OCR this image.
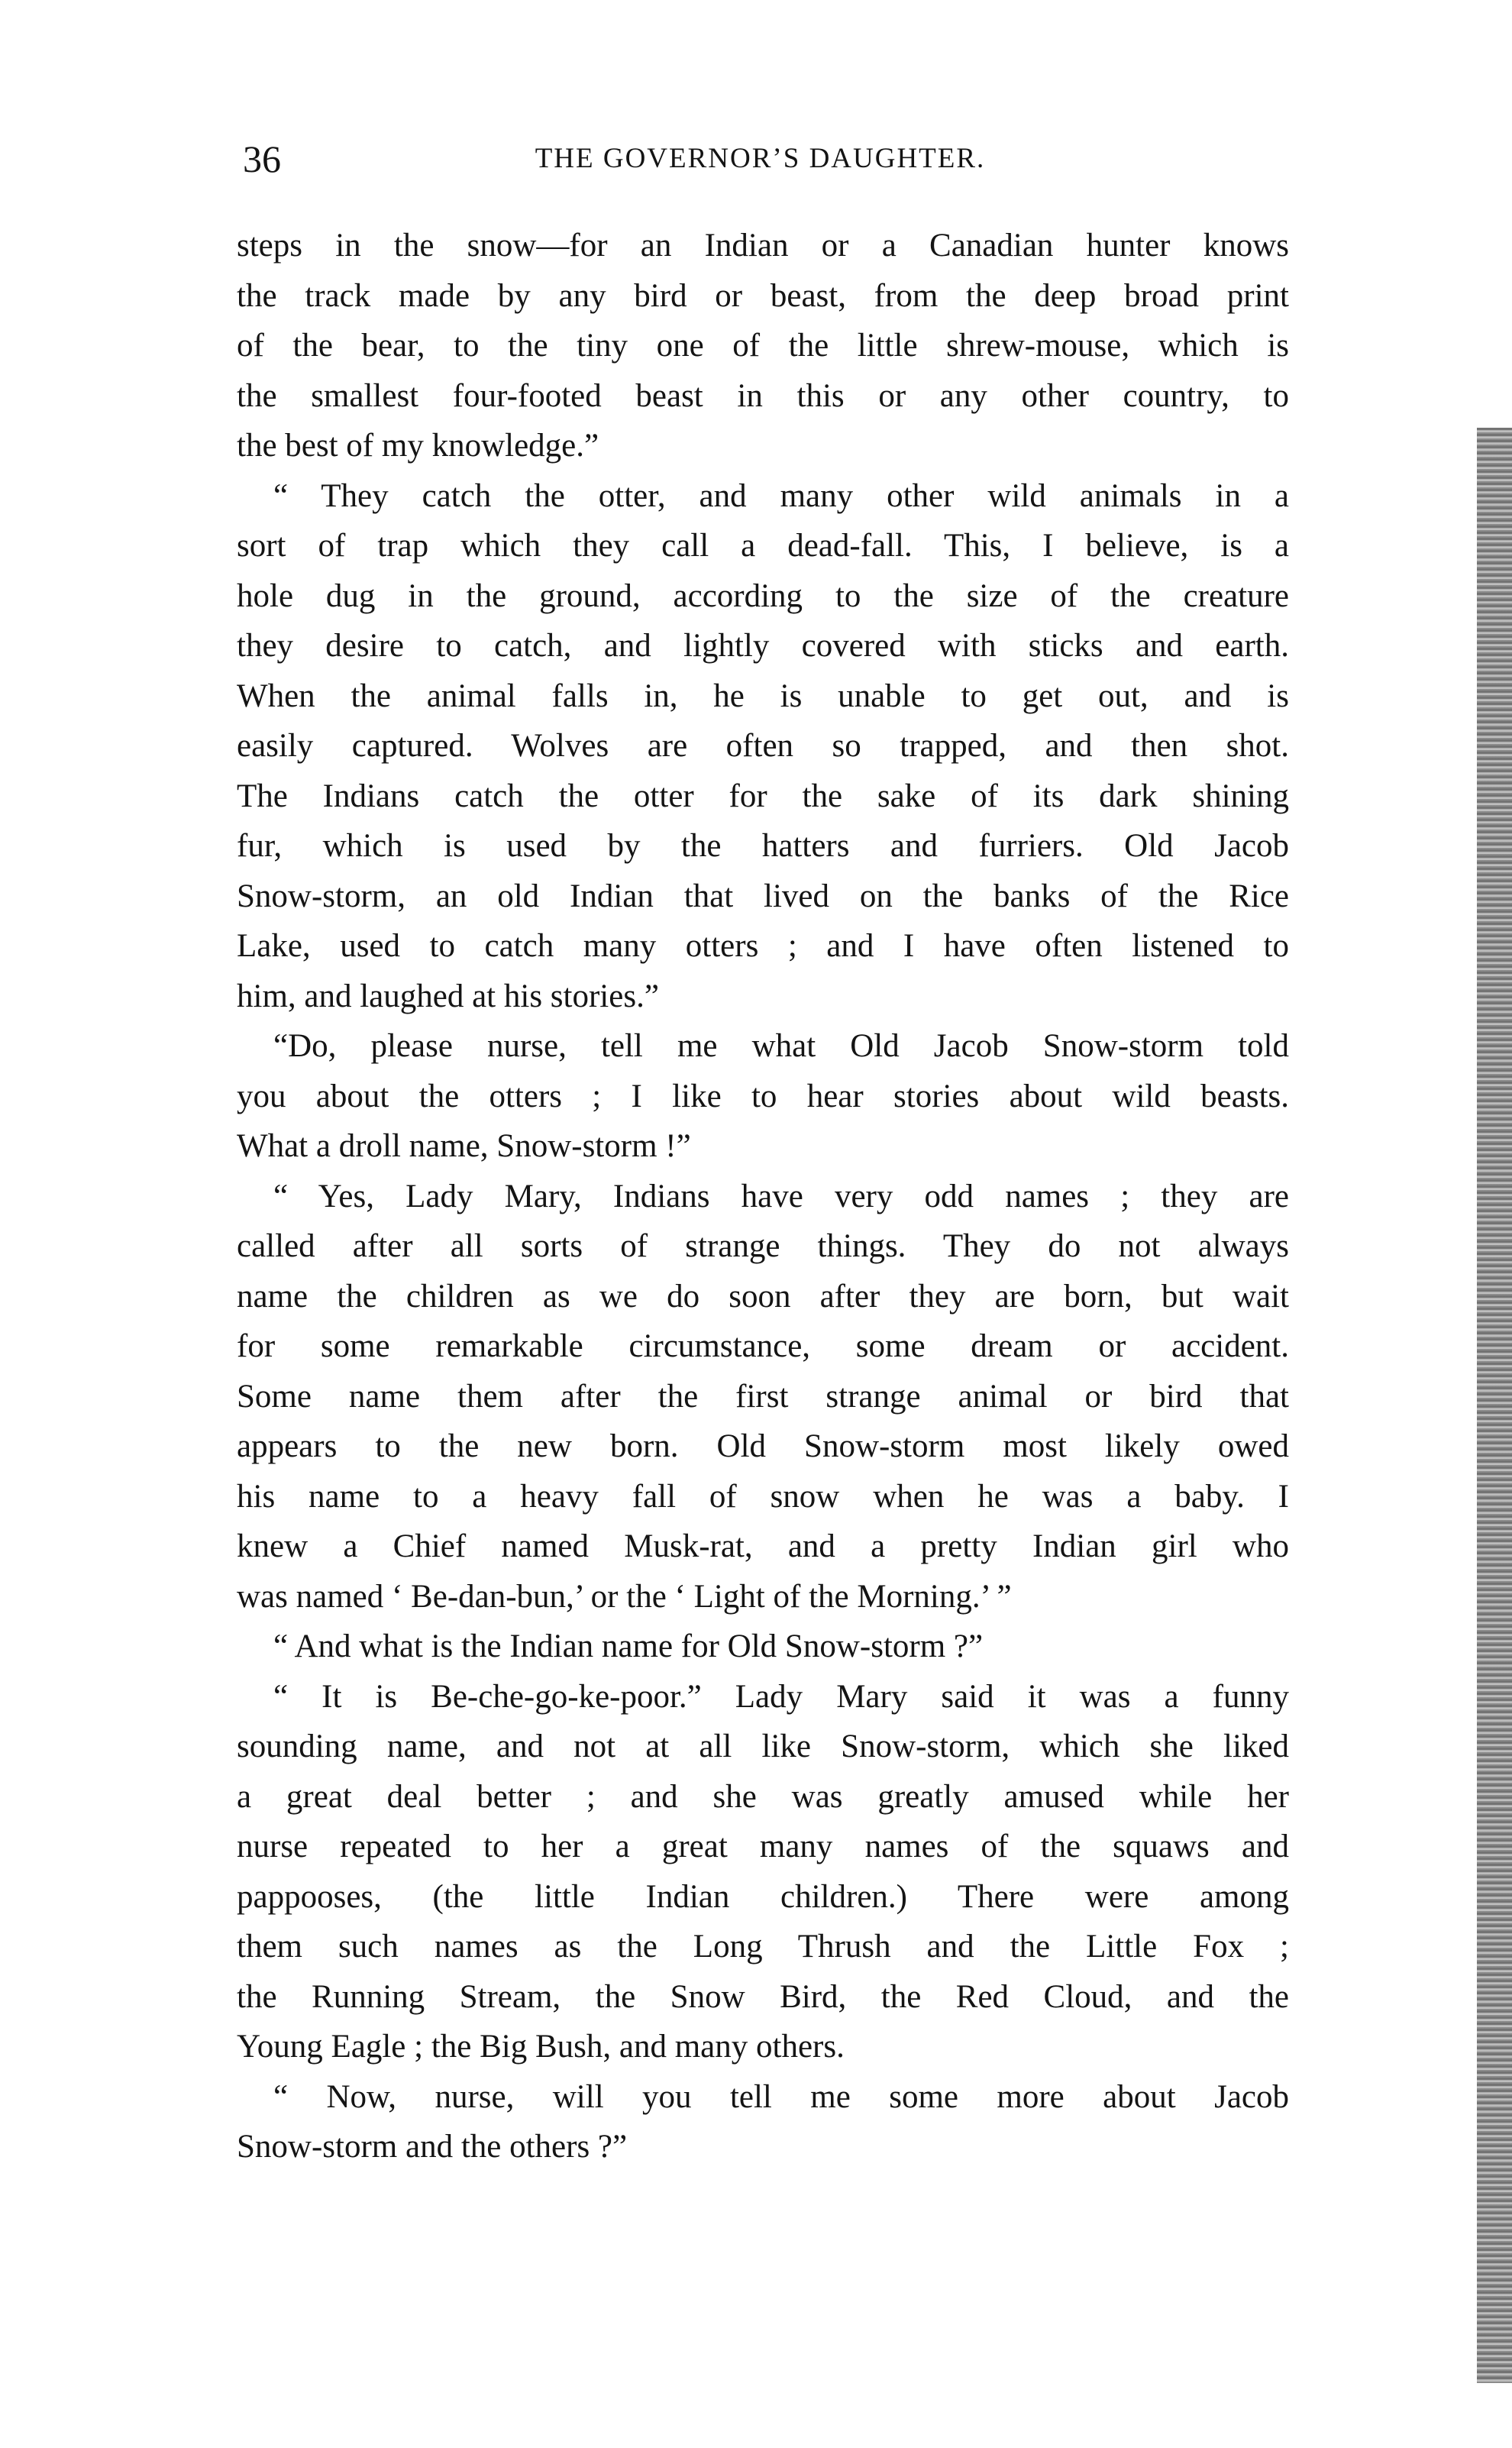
36	THE GOVERNOR’S DAUGHTER.
steps in the snow—for an Indian or a Canadian hunter knows
the track made by any bird or beast, from the deep broad print
of the bear, to the tiny one of the little shrew-mouse, which is
the smallest four-footed beast in this or any other country, to
the best of my knowledge.”
“ They catch the otter, and many other wild animals in a
sort of trap which they call a dead-fall. This, I believe, is a
hole dug in the ground, according to the size of the creature
they desire to catch, and lightly covered with sticks and earth.
When the animal falls in, he is unable to get out, and is
easily captured. Wolves are often so trapped, and then shot.
The Indians catch the otter for the sake of its dark shining
fur, which is used by the hatters and furriers. Old Jacob
Snow-storm, an old Indian that lived on the banks of the Rice
Lake, used to catch many otters ; and I have often listened to
him, and laughed at his stories.”
“Do, please nurse, tell me what Old Jacob Snow-storm told
you about the otters ; I like to hear stories about wild beasts.
What a droll name, Snow-storm !”
“ Yes, Lady Mary, Indians have very odd names ; they are
called after all sorts of strange things. They do not always
name the children as we do soon after they are born, but wait
for some remarkable circumstance, some dream or accident.
Some name them after the first strange animal or bird that
appears to the new born. Old Snow-storm most likely owed
his name to a heavy fall of snow when he was a baby. I
knew a Chief named Musk-rat, and a pretty Indian girl who
was named ‘ Be-dan-bun,’ or the ‘ Light of the Morning.’ ”
“ And what is the Indian name for Old Snow-storm ?”
“ It is Be-che-go-ke-poor.” Lady Mary said it was a funny
sounding name, and not at all like Snow-storm, which she liked
a great deal better ; and she was greatly amused while her
nurse repeated to her a great many names of the squaws and
pappooses, (the little Indian children.) There were among
them such names as the Long Thrush and the Little Fox ;
the Running Stream, the Snow Bird, the Red Cloud, and the
Young Eagle ; the Big Bush, and many others.
“ Now, nurse, will you tell me some more about Jacob
Snow-storm and the others ?”
